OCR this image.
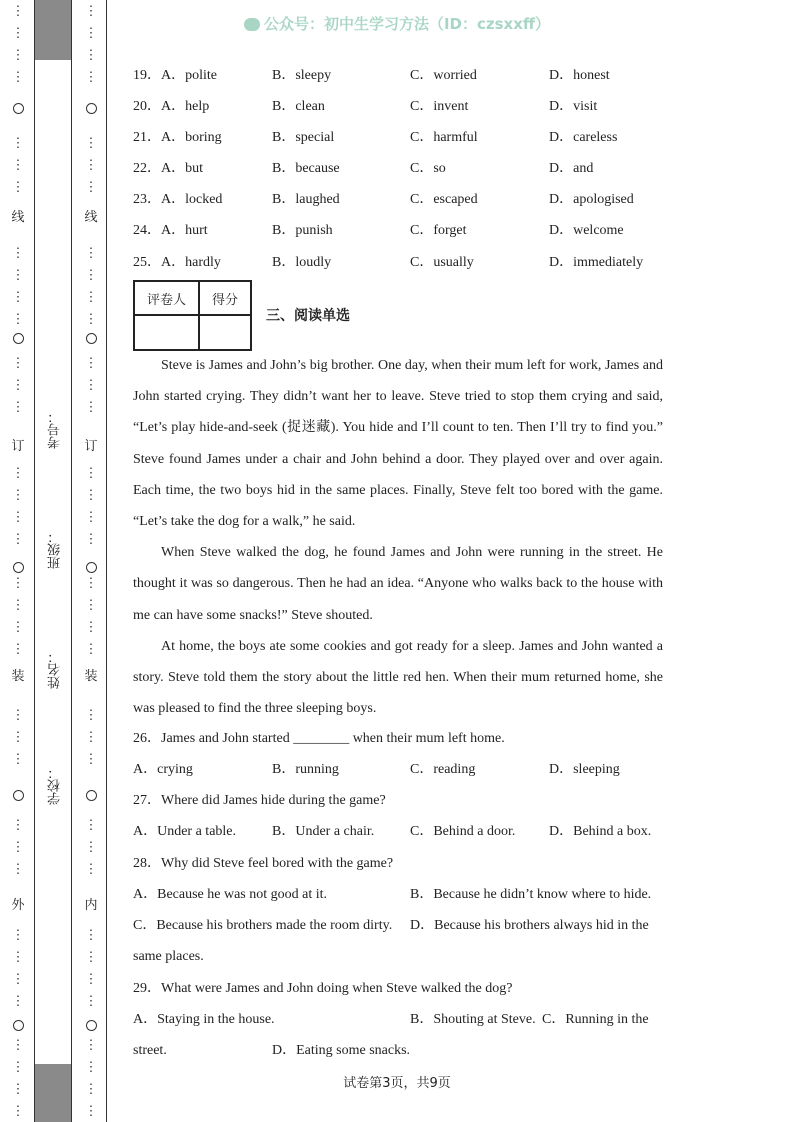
线
订
装
外
线
订
装
内
考号：
班级：
姓名：
学校：
公众号：初中生学习方法（ID：czsxxff）
19． A．polite	B．sleepy	C．worried	D．honest
20． A．help	B．clean	C．invent	D．visit
21． A．boring	B．special	C．harmful	D．careless
22． A．but	B．because	C．so	D．and
23． A．locked	B．laughed	C．escaped	D．apologised
24． A．hurt	B．punish	C．forget	D．welcome
25． A．hardly	B．loudly	C．usually	D．immediately
评卷人	得分

三、阅读单选

Steve is James and John’s big brother. One day, when their mum left for work, James and John started crying. They didn’t want her to leave. Steve tried to stop them crying and said, “Let’s play hide-and-seek (捉迷藏). You hide and I’ll count to ten. Then I’ll try to find you.” Steve found James under a chair and John behind a door. They played over and over again. Each time, the two boys hid in the same places. Finally, Steve felt too bored with the game. “Let’s take the dog for a walk,” he said.

When Steve walked the dog, he found James and John were running in the street. He thought it was so dangerous. Then he had an idea. “Anyone who walks back to the house with me can have some snacks!” Steve shouted.

At home, the boys ate some cookies and got ready for a sleep. James and John wanted a story. Steve told them the story about the little red hen. When their mum returned home, she was pleased to find the three sleeping boys.

26．James and John started ________ when their mum left home.
A．crying	B．running	C．reading	D．sleeping
27．Where did James hide during the game?
A．Under a table.	B．Under a chair.	C．Behind a door. D．Behind a box.
28．Why did Steve feel bored with the game?
A．Because he was not good at it.	B．Because he didn’t know where to hide.
C．Because his brothers made the room dirty. D．Because his brothers always hid in the
same places.
29．What were James and John doing when Steve walked the dog?
A．Staying in the house.	B．Shouting at Steve. C．Running in the
street.	D．Eating some snacks.
试卷第3页，共9页
⋮
⋮
⋮
⋮
⋮
⋮
⋮
⋮
⋮
⋮
⋮
⋮
⋮
⋮
⋮
⋮
⋮
⋮
⋮
⋮
⋮
⋮
⋮
⋮
⋮
⋮
⋮
⋮
⋮
⋮
⋮
⋮
⋮
⋮
⋮
⋮
⋮
⋮
⋮
⋮
⋮
⋮
⋮
⋮
⋮
⋮
⋮
⋮
⋮
⋮
⋮
⋮
⋮
⋮
⋮
⋮
⋮
⋮
⋮
⋮
⋮
⋮
⋮
⋮
⋮
⋮
⋮
⋮
⋮
⋮
⋮
⋮
